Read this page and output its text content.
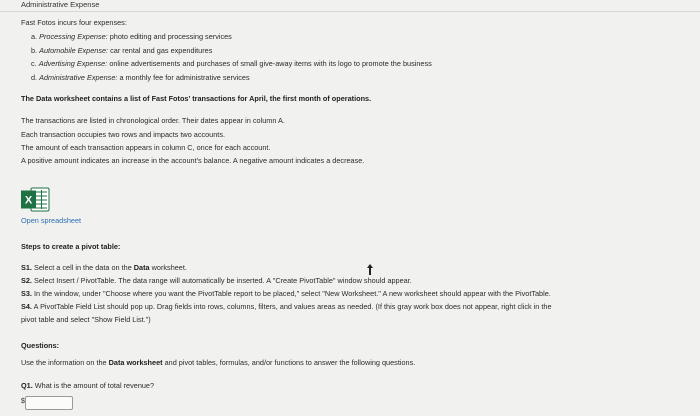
Administrative Expense
Fast Fotos incurs four expenses:
a. Processing Expense: photo editing and processing services
b. Automobile Expense: car rental and gas expenditures
c. Advertising Expense: online advertisements and purchases of small give-away items with its logo to promote the business
d. Administrative Expense: a monthly fee for administrative services
The Data worksheet contains a list of Fast Fotos' transactions for April, the first month of operations.
The transactions are listed in chronological order. Their dates appear in column A.
Each transaction occupies two rows and impacts two accounts.
The amount of each transaction appears in column C, once for each account.
A positive amount indicates an increase in the account's balance. A negative amount indicates a decrease.
X
Open spreadsheet
Steps to create a pivot table:
S1. Select a cell in the data on the Data worksheet.
S2. Select Insert / PivotTable. The data range will automatically be inserted. A "Create PivotTable" window should appear.
S3. In the window, under "Choose where you want the PivotTable report to be placed," select "New Worksheet." A new worksheet should appear with the PivotTable.
S4. A PivotTable Field List should pop up. Drag fields into rows, columns, filters, and values areas as needed. (If this gray work box does not appear, right click in the
pivot table and select "Show Field List.")
Questions:
Use the information on the Data worksheet and pivot tables, formulas, and/or functions to answer the following questions.
Q1. What is the amount of total revenue?
$
